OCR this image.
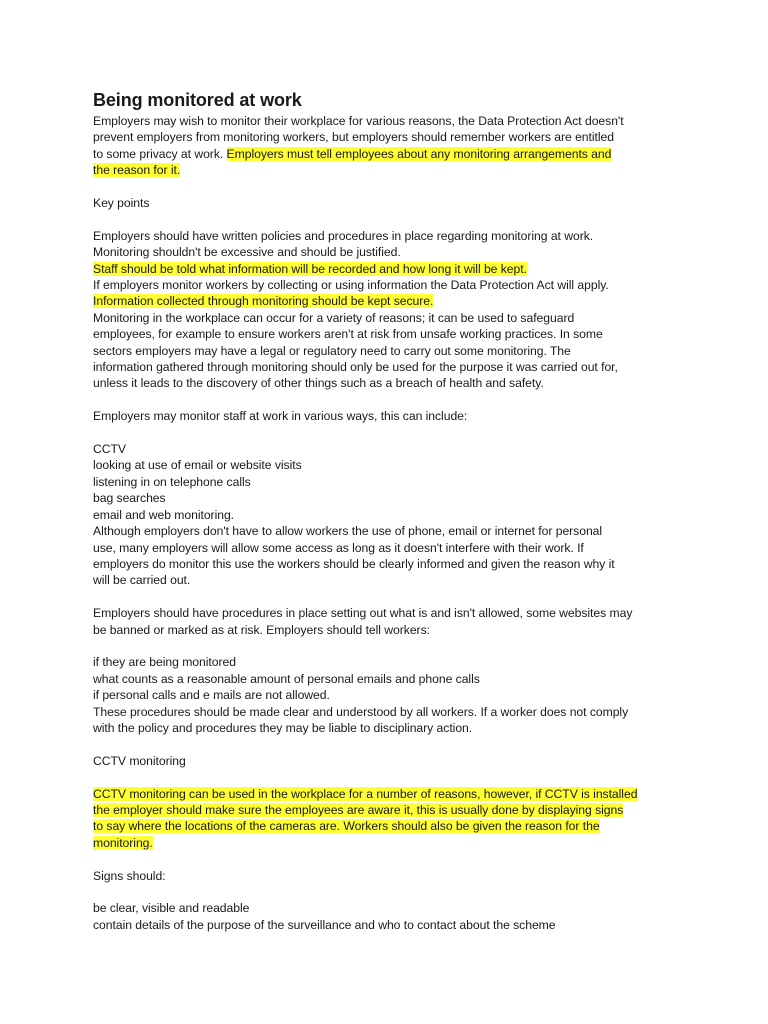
Being monitored at work
Employers may wish to monitor their workplace for various reasons, the Data Protection Act doesn't
prevent employers from monitoring workers, but employers should remember workers are entitled
to some privacy at work. Employers must tell employees about any monitoring arrangements and
the reason for it.
Key points
Employers should have written policies and procedures in place regarding monitoring at work.
Monitoring shouldn't be excessive and should be justified.
Staff should be told what information will be recorded and how long it will be kept.
If employers monitor workers by collecting or using information the Data Protection Act will apply.
Information collected through monitoring should be kept secure.
Monitoring in the workplace can occur for a variety of reasons; it can be used to safeguard
employees, for example to ensure workers aren't at risk from unsafe working practices. In some
sectors employers may have a legal or regulatory need to carry out some monitoring. The
information gathered through monitoring should only be used for the purpose it was carried out for,
unless it leads to the discovery of other things such as a breach of health and safety.
Employers may monitor staff at work in various ways, this can include:
CCTV
looking at use of email or website visits
listening in on telephone calls
bag searches
email and web monitoring.
Although employers don't have to allow workers the use of phone, email or internet for personal
use, many employers will allow some access as long as it doesn't interfere with their work. If
employers do monitor this use the workers should be clearly informed and given the reason why it
will be carried out.
Employers should have procedures in place setting out what is and isn't allowed, some websites may
be banned or marked as at risk. Employers should tell workers:
if they are being monitored
what counts as a reasonable amount of personal emails and phone calls
if personal calls and e mails are not allowed.
These procedures should be made clear and understood by all workers. If a worker does not comply
with the policy and procedures they may be liable to disciplinary action.
CCTV monitoring
CCTV monitoring can be used in the workplace for a number of reasons, however, if CCTV is installed
the employer should make sure the employees are aware it, this is usually done by displaying signs
to say where the locations of the cameras are. Workers should also be given the reason for the
monitoring.
Signs should:
be clear, visible and readable
contain details of the purpose of the surveillance and who to contact about the scheme
